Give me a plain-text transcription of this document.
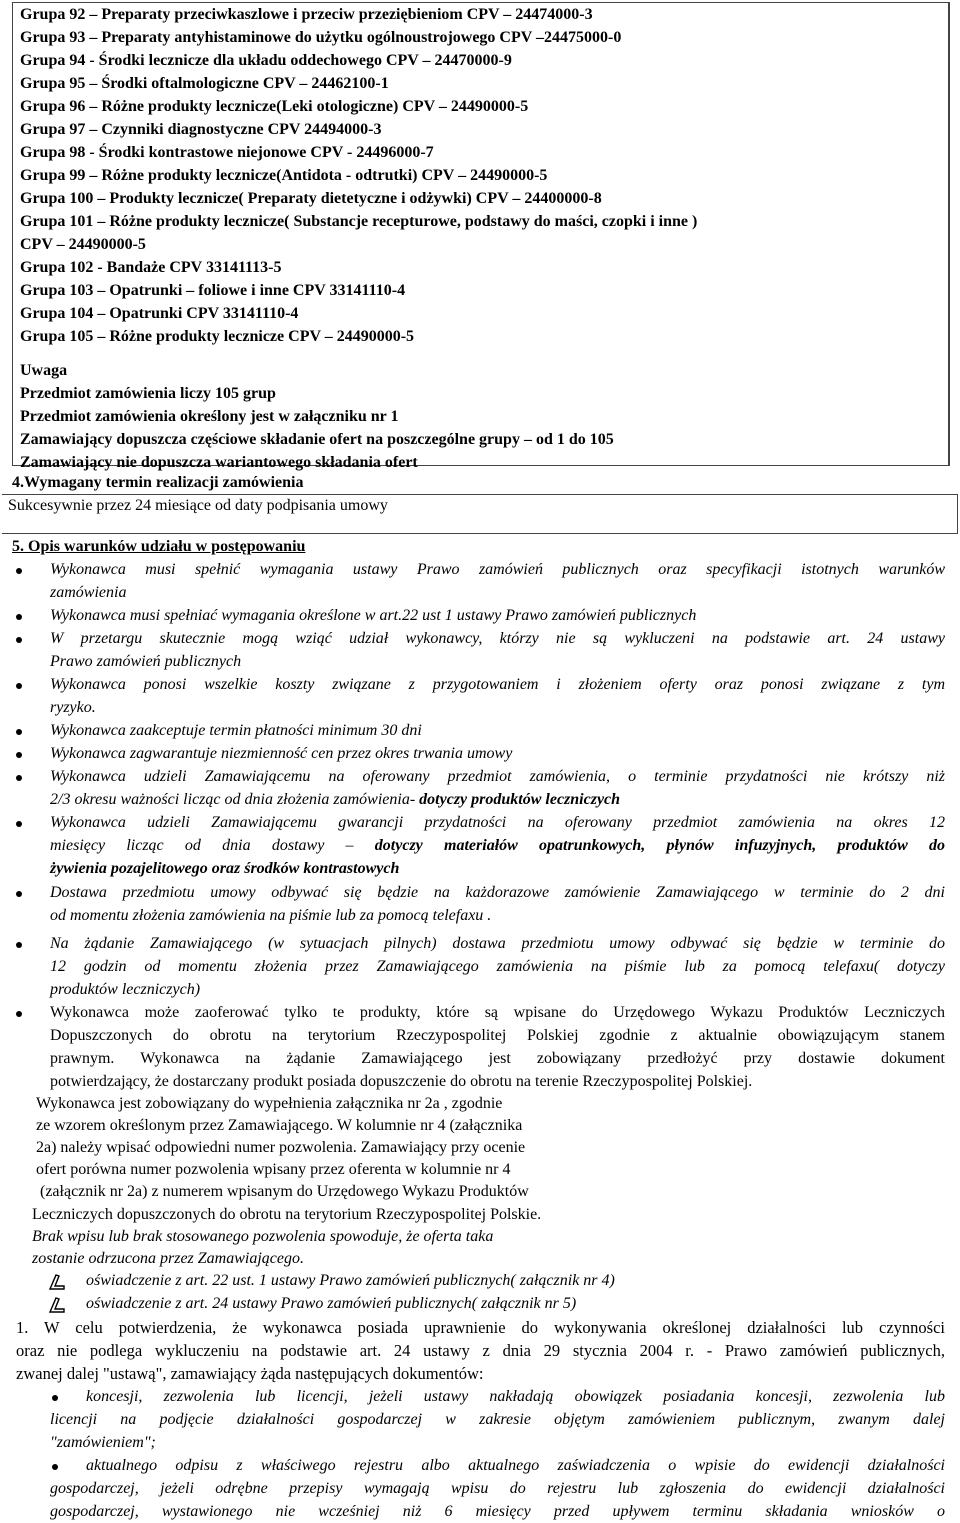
Grupa 92 – Preparaty przeciwkaszlowe i przeciw przeziębieniom CPV – 24474000-3
Grupa 93 – Preparaty antyhistaminowe do użytku ogólnoustrojowego CPV –24475000-0
Grupa 94 - Środki lecznicze dla układu oddechowego CPV – 24470000-9
Grupa 95 – Środki oftalmologiczne CPV – 24462100-1
Grupa 96 – Różne produkty lecznicze(Leki otologiczne) CPV – 24490000-5
Grupa 97 – Czynniki diagnostyczne CPV 24494000-3
Grupa 98 - Środki kontrastowe niejonowe CPV - 24496000-7
Grupa 99 – Różne produkty lecznicze(Antidota - odtrutki) CPV – 24490000-5
Grupa 100 – Produkty lecznicze( Preparaty dietetyczne i odżywki) CPV – 24400000-8
Grupa 101 – Różne produkty lecznicze( Substancje recepturowe, podstawy do maści, czopki i inne )
CPV – 24490000-5
Grupa 102 - Bandaże CPV 33141113-5
Grupa 103 – Opatrunki – foliowe i inne CPV 33141110-4
Grupa 104 – Opatrunki CPV 33141110-4
Grupa 105 – Różne produkty lecznicze CPV – 24490000-5
Uwaga
Przedmiot zamówienia liczy 105 grup
Przedmiot zamówienia określony jest w załączniku nr 1
Zamawiający dopuszcza częściowe składanie ofert na poszczególne grupy – od 1 do 105
Zamawiający nie dopuszcza wariantowego składania ofert
4.Wymagany termin realizacji zamówienia
Sukcesywnie przez 24 miesiące od daty podpisania umowy
5. Opis warunków udziału w postępowaniu
Wykonawca musi spełnić wymagania ustawy Prawo zamówień publicznych oraz specyfikacji istotnych warunków
zamówienia
Wykonawca musi spełniać wymagania określone w art.22 ust 1 ustawy Prawo zamówień publicznych
W przetargu skutecznie mogą wziąć udział wykonawcy, którzy nie są wykluczeni na podstawie art. 24 ustawy
Prawo zamówień publicznych
Wykonawca ponosi wszelkie koszty związane z przygotowaniem i złożeniem oferty oraz ponosi związane z tym
ryzyko.
Wykonawca zaakceptuje termin płatności minimum 30 dni
Wykonawca zagwarantuje niezmienność cen przez okres trwania umowy
Wykonawca udzieli Zamawiającemu na oferowany przedmiot zamówienia, o terminie przydatności nie krótszy niż
2/3 okresu ważności licząc od dnia złożenia zamówienia- dotyczy produktów leczniczych
Wykonawca udzieli Zamawiającemu gwarancji przydatności na oferowany przedmiot zamówienia na okres 12
miesięcy licząc od dnia dostawy – dotyczy materiałów opatrunkowych, płynów infuzyjnych, produktów do
żywienia pozajelitowego oraz środków kontrastowych
Dostawa przedmiotu umowy odbywać się będzie na każdorazowe zamówienie Zamawiającego w terminie do 2 dni
od momentu złożenia zamówienia na piśmie lub za pomocą telefaxu .
Na żądanie Zamawiającego (w sytuacjach pilnych) dostawa przedmiotu umowy odbywać się będzie w terminie do
12 godzin od momentu złożenia przez Zamawiającego zamówienia na piśmie lub za pomocą telefaxu( dotyczy
produktów leczniczych)
Wykonawca może zaoferować tylko te produkty, które są wpisane do Urzędowego Wykazu Produktów Leczniczych
Dopuszczonych do obrotu na terytorium Rzeczypospolitej Polskiej zgodnie z aktualnie obowiązującym stanem
prawnym. Wykonawca na żądanie Zamawiającego jest zobowiązany przedłożyć przy dostawie dokument
potwierdzający, że dostarczany produkt posiada dopuszczenie do obrotu na terenie Rzeczypospolitej Polskiej.
Wykonawca jest zobowiązany do wypełnienia załącznika nr 2a , zgodnie
ze wzorem określonym przez Zamawiającego. W kolumnie nr 4 (załącznika
2a) należy wpisać odpowiedni numer pozwolenia. Zamawiający przy ocenie
ofert porówna numer pozwolenia wpisany przez oferenta w kolumnie nr 4
(załącznik nr 2a) z numerem wpisanym do Urzędowego Wykazu Produktów
Leczniczych dopuszczonych do obrotu na terytorium Rzeczypospolitej Polskie.
Brak wpisu lub brak stosowanego pozwolenia spowoduje, że oferta taka
zostanie odrzucona przez Zamawiającego.
oświadczenie z art. 22 ust. 1 ustawy Prawo zamówień publicznych( załącznik nr 4)
oświadczenie z art. 24 ustawy Prawo zamówień publicznych( załącznik nr 5)
1. W celu potwierdzenia, że wykonawca posiada uprawnienie do wykonywania określonej działalności lub czynności
oraz nie podlega wykluczeniu na podstawie art. 24 ustawy z dnia 29 stycznia 2004 r. - Prawo zamówień publicznych,
zwanej dalej "ustawą", zamawiający żąda następujących dokumentów:
koncesji, zezwolenia lub licencji, jeżeli ustawy nakładają obowiązek posiadania koncesji, zezwolenia lub
licencji na podjęcie działalności gospodarczej w zakresie objętym zamówieniem publicznym, zwanym dalej
"zamówieniem";
aktualnego odpisu z właściwego rejestru albo aktualnego zaświadczenia o wpisie do ewidencji działalności
gospodarczej, jeżeli odrębne przepisy wymagają wpisu do rejestru lub zgłoszenia do ewidencji działalności
gospodarczej, wystawionego nie wcześniej niż 6 miesięcy przed upływem terminu składania wniosków o
